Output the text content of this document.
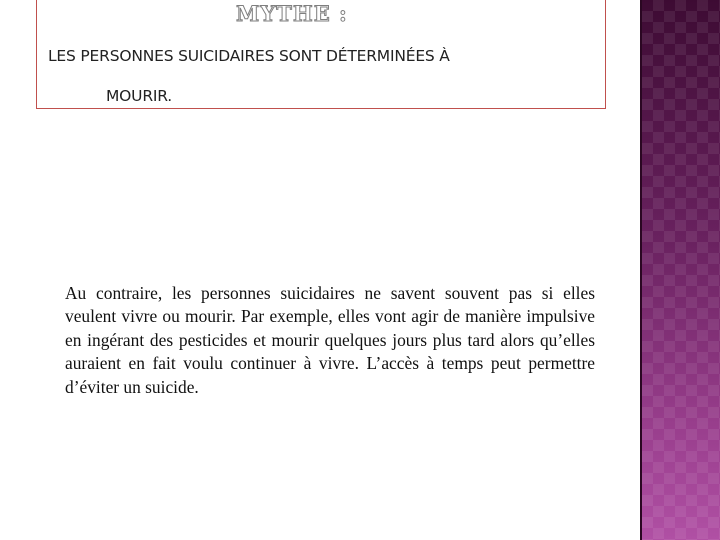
MYTHE :
LES PERSONNES SUICIDAIRES SONT DÉTERMINÉES À
MOURIR.
Au contraire, les personnes suicidaires ne savent souvent pas si elles veulent vivre ou mourir. Par exemple, elles vont agir de manière impulsive en ingérant des pesticides et mourir quelques jours plus tard alors qu’elles auraient en fait voulu continuer à vivre. L’accès à temps peut permettre d’éviter un suicide.
